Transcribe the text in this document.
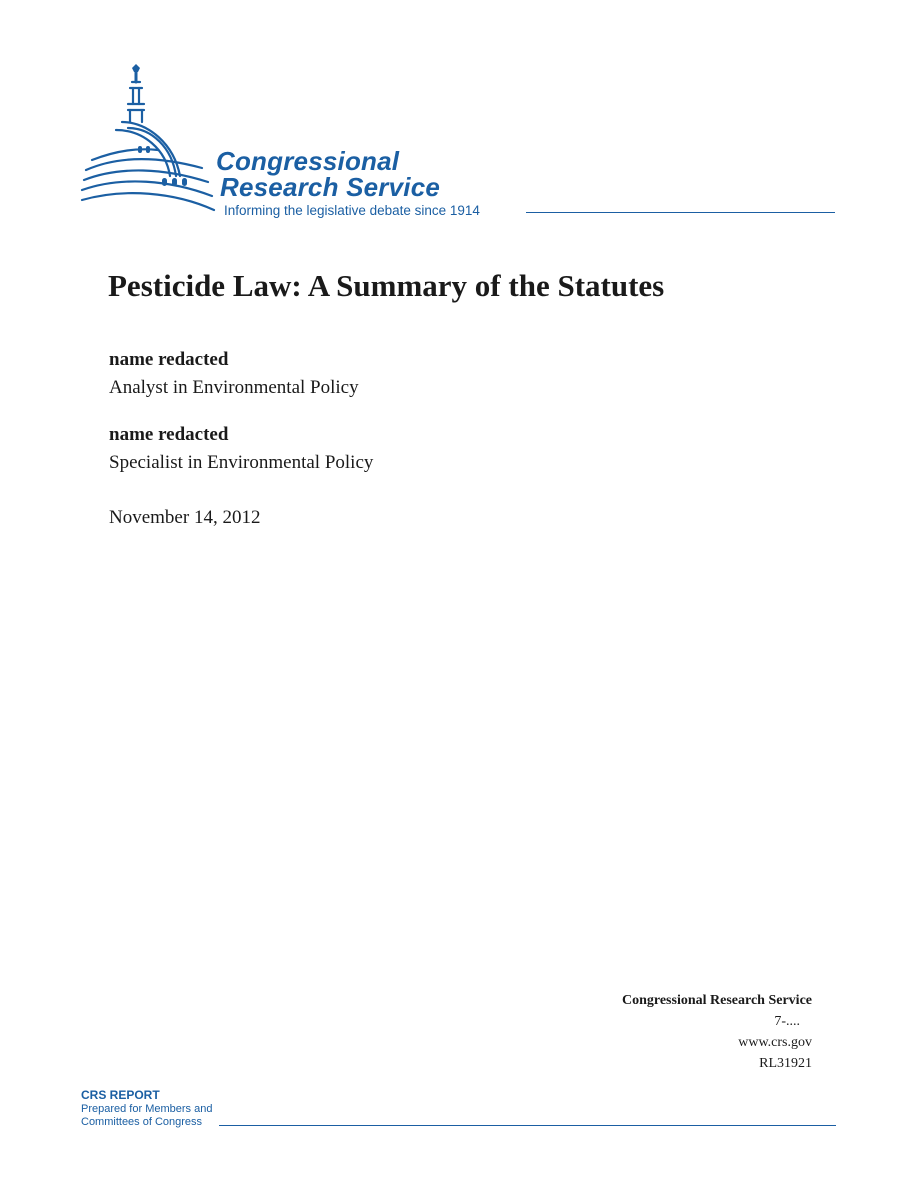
Congressional
Research Service
Informing the legislative debate since 1914
Pesticide Law: A Summary of the Statutes
name redacted
Analyst in Environmental Policy
name redacted
Specialist in Environmental Policy
November 14, 2012
Congressional Research Service
7-....
www.crs.gov
RL31921
CRS REPORT
Prepared for Members and
Committees of Congress
